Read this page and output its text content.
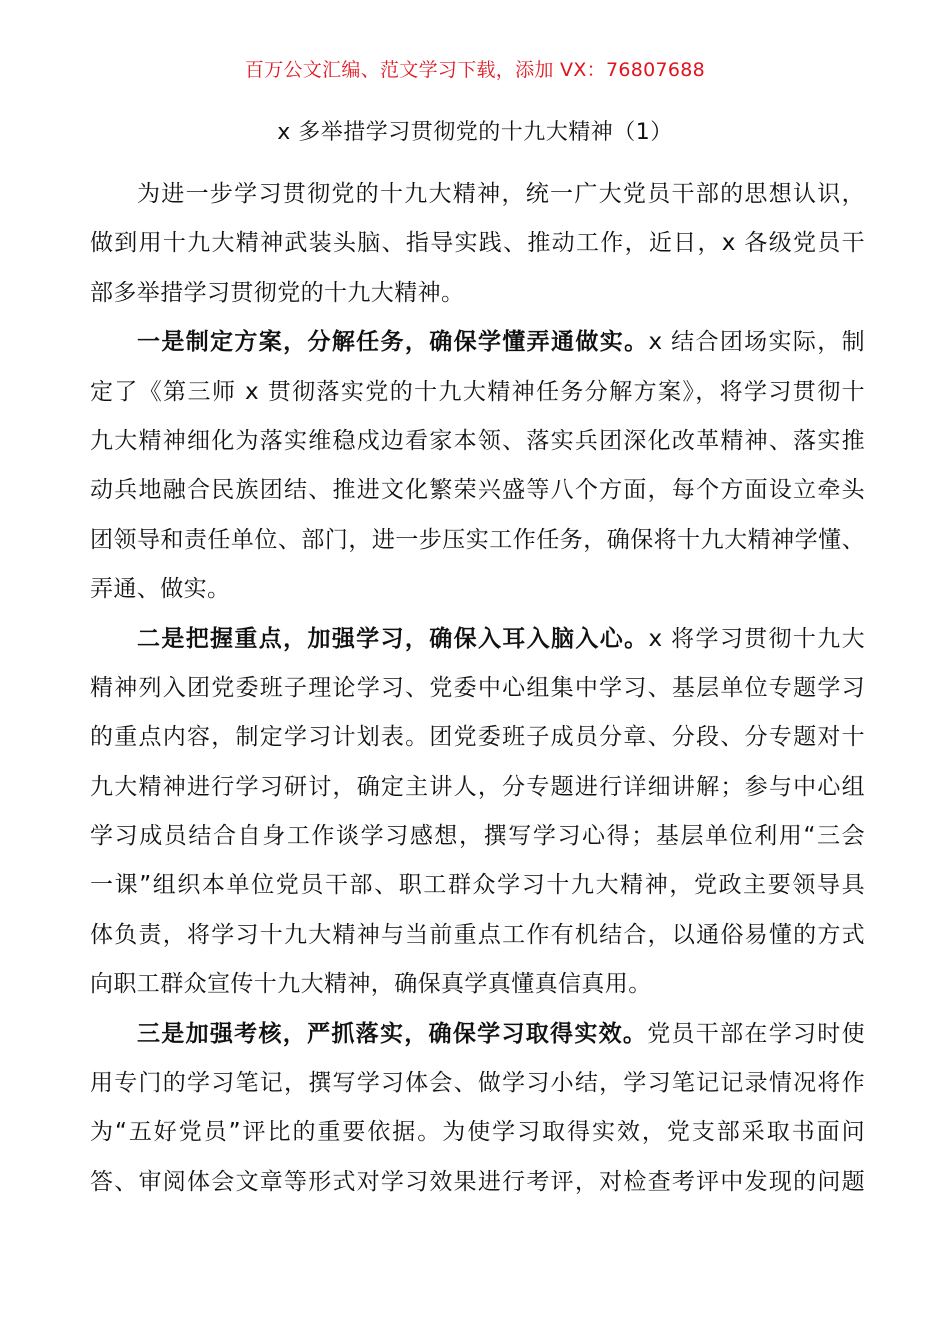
百万公文汇编、范文学习下载，添加 VX：76807688
x 多举措学习贯彻党的十九大精神（1）
为进一步学习贯彻党的十九大精神，统一广大党员干部的思想认识，
做到用十九大精神武装头脑、指导实践、推动工作，近日，x 各级党员干
部多举措学习贯彻党的十九大精神。
一是制定方案，分解任务，确保学懂弄通做实。x 结合团场实际，制
定了《第三师 x 贯彻落实党的十九大精神任务分解方案》，将学习贯彻十
九大精神细化为落实维稳戍边看家本领、落实兵团深化改革精神、落实推
动兵地融合民族团结、推进文化繁荣兴盛等八个方面，每个方面设立牵头
团领导和责任单位、部门，进一步压实工作任务，确保将十九大精神学懂、
弄通、做实。
二是把握重点，加强学习，确保入耳入脑入心。x 将学习贯彻十九大
精神列入团党委班子理论学习、党委中心组集中学习、基层单位专题学习
的重点内容，制定学习计划表。团党委班子成员分章、分段、分专题对十
九大精神进行学习研讨，确定主讲人，分专题进行详细讲解；参与中心组
学习成员结合自身工作谈学习感想，撰写学习心得；基层单位利用“三会
一课”组织本单位党员干部、职工群众学习十九大精神，党政主要领导具
体负责，将学习十九大精神与当前重点工作有机结合，以通俗易懂的方式
向职工群众宣传十九大精神，确保真学真懂真信真用。
三是加强考核，严抓落实，确保学习取得实效。党员干部在学习时使
用专门的学习笔记，撰写学习体会、做学习小结，学习笔记记录情况将作
为“五好党员”评比的重要依据。为使学习取得实效，党支部采取书面问
答、审阅体会文章等形式对学习效果进行考评，对检查考评中发现的问题
